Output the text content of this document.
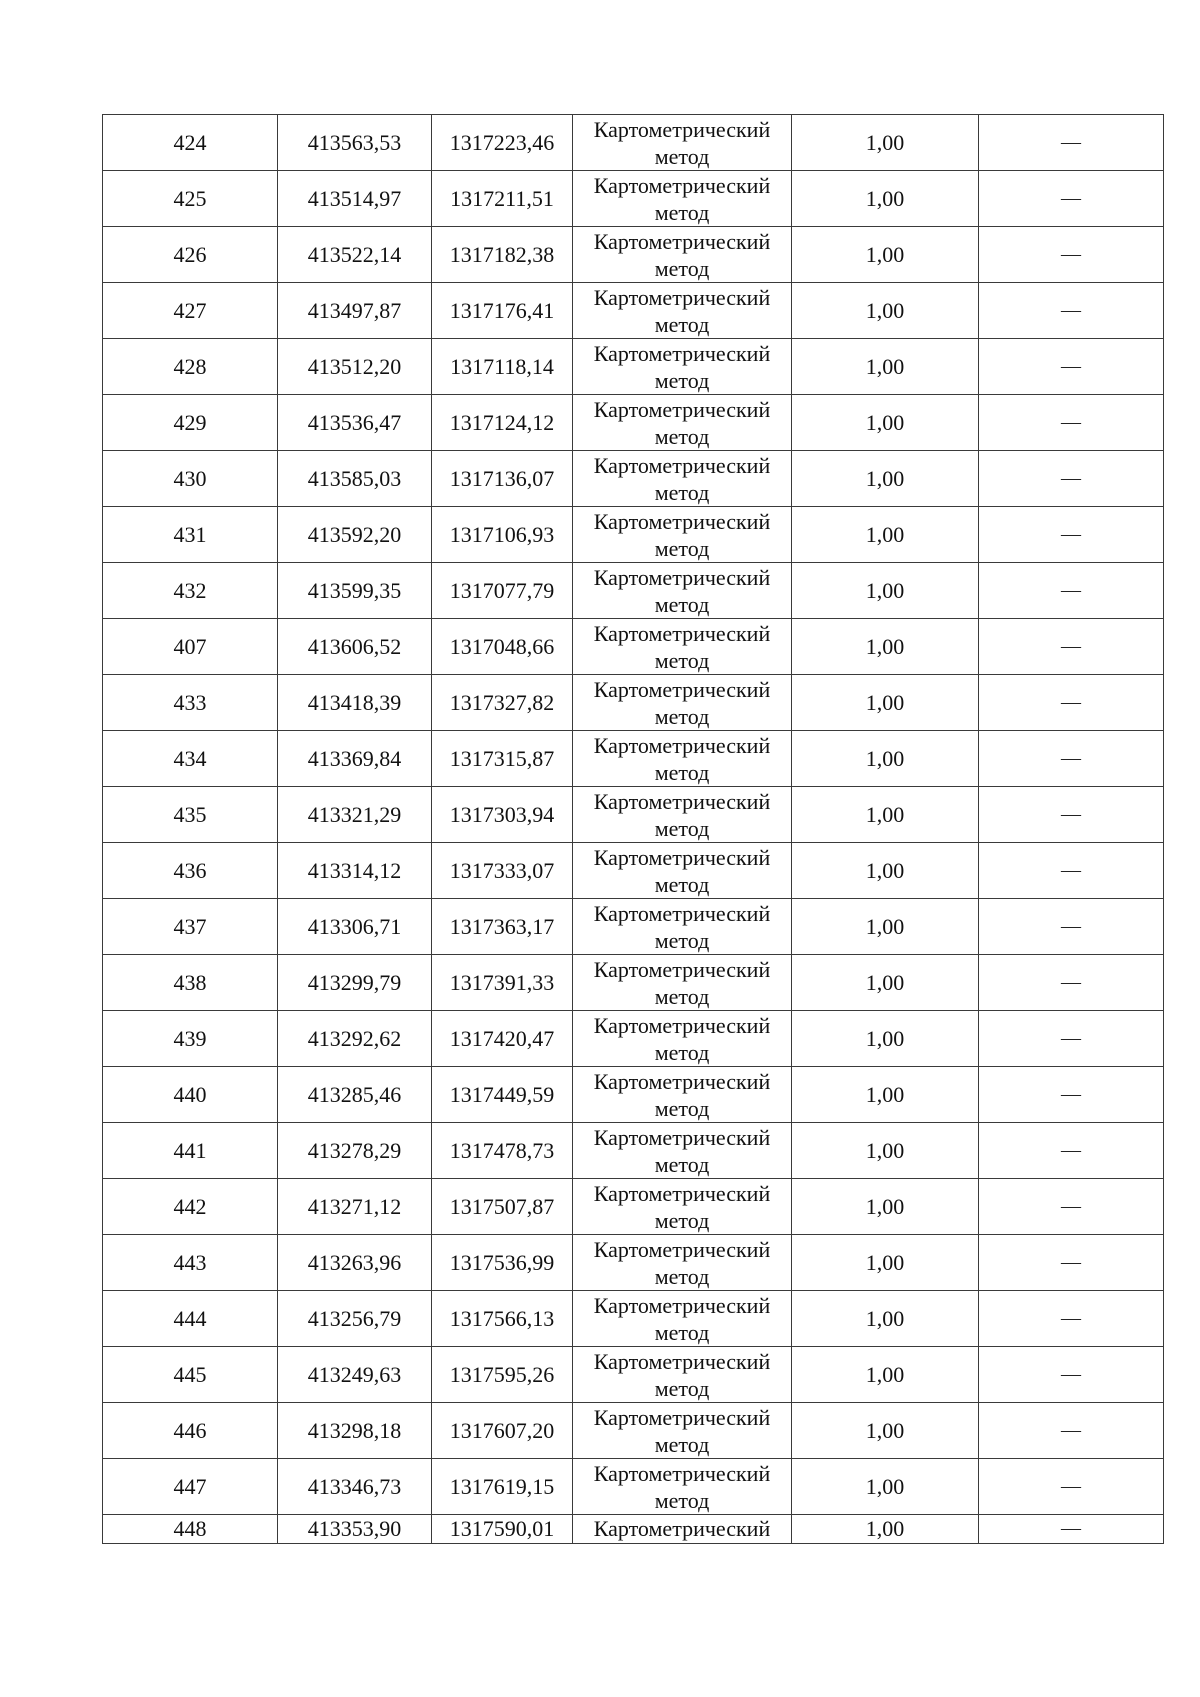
424	413563,53	1317223,46	Картометрический
метод	1,00	—
425	413514,97	1317211,51	Картометрический
метод	1,00	—
426	413522,14	1317182,38	Картометрический
метод	1,00	—
427	413497,87	1317176,41	Картометрический
метод	1,00	—
428	413512,20	1317118,14	Картометрический
метод	1,00	—
429	413536,47	1317124,12	Картометрический
метод	1,00	—
430	413585,03	1317136,07	Картометрический
метод	1,00	—
431	413592,20	1317106,93	Картометрический
метод	1,00	—
432	413599,35	1317077,79	Картометрический
метод	1,00	—
407	413606,52	1317048,66	Картометрический
метод	1,00	—
433	413418,39	1317327,82	Картометрический
метод	1,00	—
434	413369,84	1317315,87	Картометрический
метод	1,00	—
435	413321,29	1317303,94	Картометрический
метод	1,00	—
436	413314,12	1317333,07	Картометрический
метод	1,00	—
437	413306,71	1317363,17	Картометрический
метод	1,00	—
438	413299,79	1317391,33	Картометрический
метод	1,00	—
439	413292,62	1317420,47	Картометрический
метод	1,00	—
440	413285,46	1317449,59	Картометрический
метод	1,00	—
441	413278,29	1317478,73	Картометрический
метод	1,00	—
442	413271,12	1317507,87	Картометрический
метод	1,00	—
443	413263,96	1317536,99	Картометрический
метод	1,00	—
444	413256,79	1317566,13	Картометрический
метод	1,00	—
445	413249,63	1317595,26	Картометрический
метод	1,00	—
446	413298,18	1317607,20	Картометрический
метод	1,00	—
447	413346,73	1317619,15	Картометрический
метод	1,00	—
448	413353,90	1317590,01	Картометрический	1,00	—
